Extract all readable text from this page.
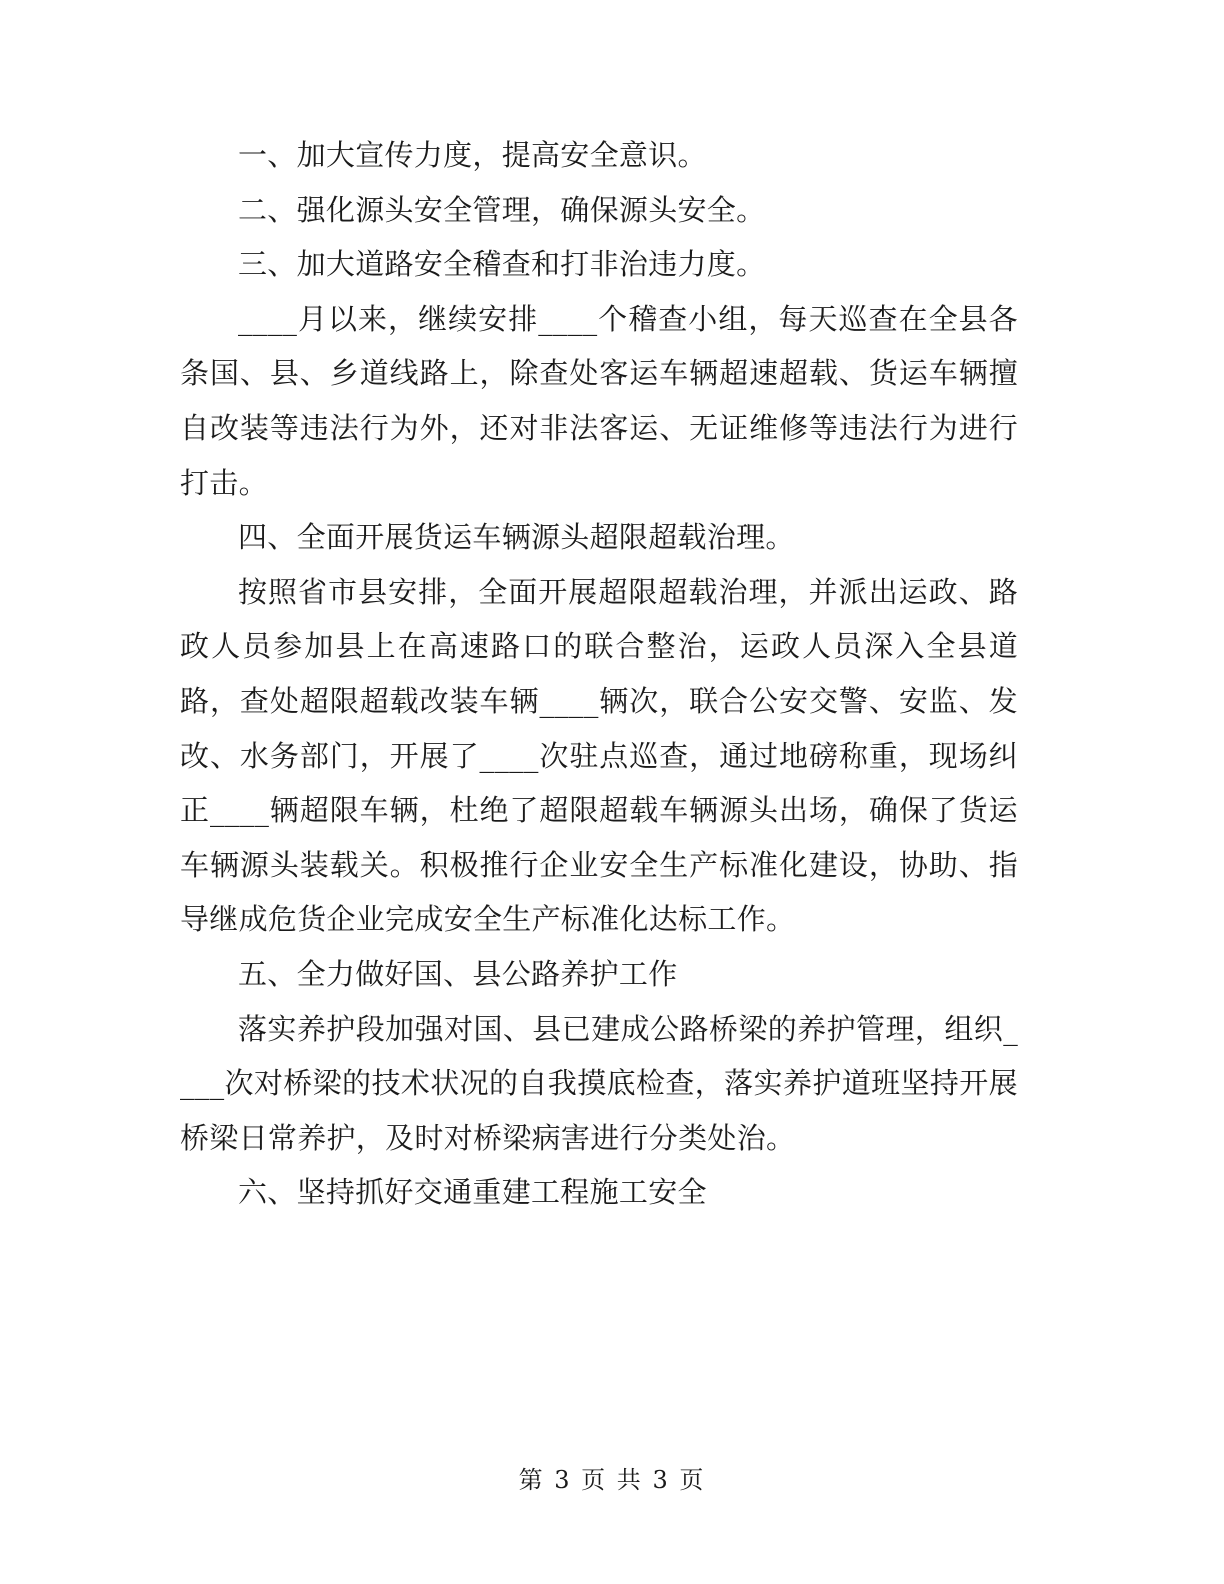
一、加大宣传力度，提高安全意识。

二、强化源头安全管理，确保源头安全。

三、加大道路安全稽查和打非治违力度。

____月以来，继续安排____个稽查小组，每天巡查在全县各条国、县、乡道线路上，除查处客运车辆超速超载、货运车辆擅自改装等违法行为外，还对非法客运、无证维修等违法行为进行打击。

四、全面开展货运车辆源头超限超载治理。

按照省市县安排，全面开展超限超载治理，并派出运政、路政人员参加县上在高速路口的联合整治，运政人员深入全县道路，查处超限超载改装车辆____辆次，联合公安交警、安监、发改、水务部门，开展了____次驻点巡查，通过地磅称重，现场纠正____辆超限车辆，杜绝了超限超载车辆源头出场，确保了货运车辆源头装载关。积极推行企业安全生产标准化建设，协助、指导继成危货企业完成安全生产标准化达标工作。

五、全力做好国、县公路养护工作

落实养护段加强对国、县已建成公路桥梁的养护管理，组织____次对桥梁的技术状况的自我摸底检查，落实养护道班坚持开展桥梁日常养护，及时对桥梁病害进行分类处治。

六、坚持抓好交通重建工程施工安全

第 3 页 共 3 页
